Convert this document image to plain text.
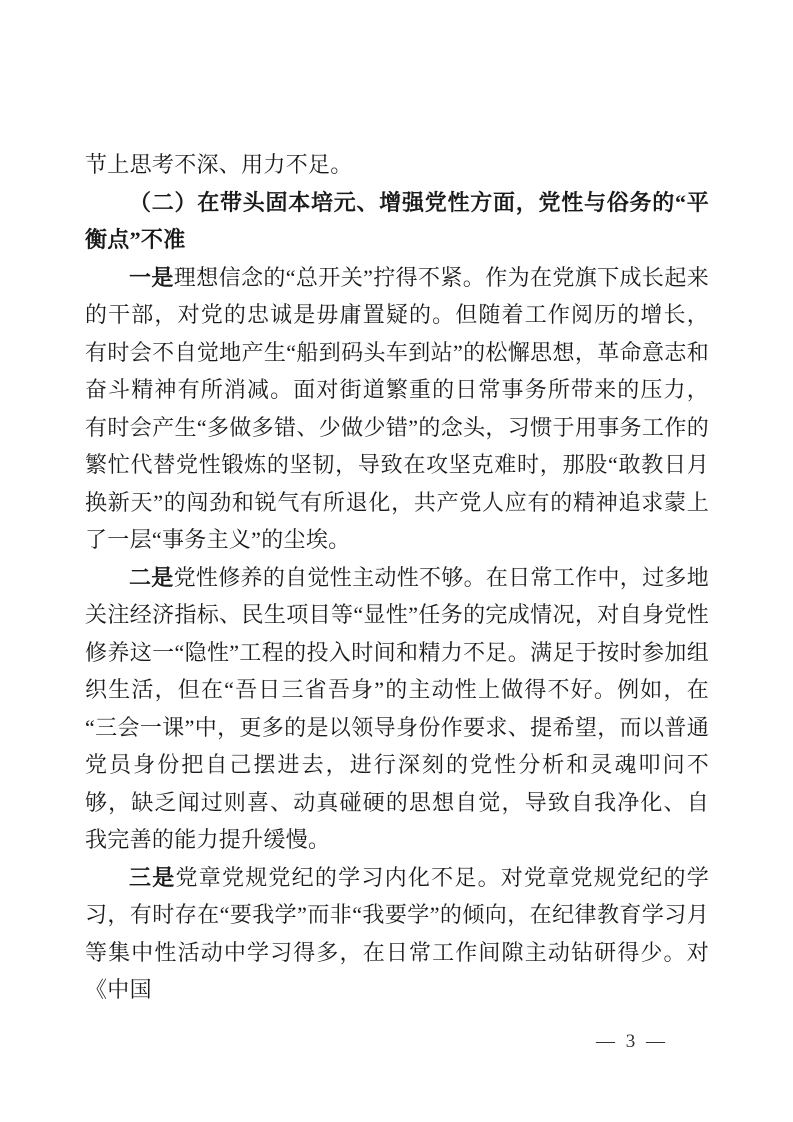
节上思考不深、用力不足。

（二）在带头固本培元、增强党性方面，党性与俗务的“平衡点”不准

一是理想信念的“总开关”拧得不紧。作为在党旗下成长起来的干部，对党的忠诚是毋庸置疑的。但随着工作阅历的增长，有时会不自觉地产生“船到码头车到站”的松懈思想，革命意志和奋斗精神有所消减。面对街道繁重的日常事务所带来的压力，有时会产生“多做多错、少做少错”的念头，习惯于用事务工作的繁忙代替党性锻炼的坚韧，导致在攻坚克难时，那股“敢教日月换新天”的闯劲和锐气有所退化，共产党人应有的精神追求蒙上了一层“事务主义”的尘埃。

二是党性修养的自觉性主动性不够。在日常工作中，过多地关注经济指标、民生项目等“显性”任务的完成情况，对自身党性修养这一“隐性”工程的投入时间和精力不足。满足于按时参加组织生活，但在“吾日三省吾身”的主动性上做得不好。例如，在“三会一课”中，更多的是以领导身份作要求、提希望，而以普通党员身份把自己摆进去，进行深刻的党性分析和灵魂叩问不够，缺乏闻过则喜、动真碰硬的思想自觉，导致自我净化、自我完善的能力提升缓慢。

三是党章党规党纪的学习内化不足。对党章党规党纪的学习，有时存在“要我学”而非“我要学”的倾向，在纪律教育学习月等集中性活动中学习得多，在日常工作间隙主动钻研得少。对《中国

— 3 —
